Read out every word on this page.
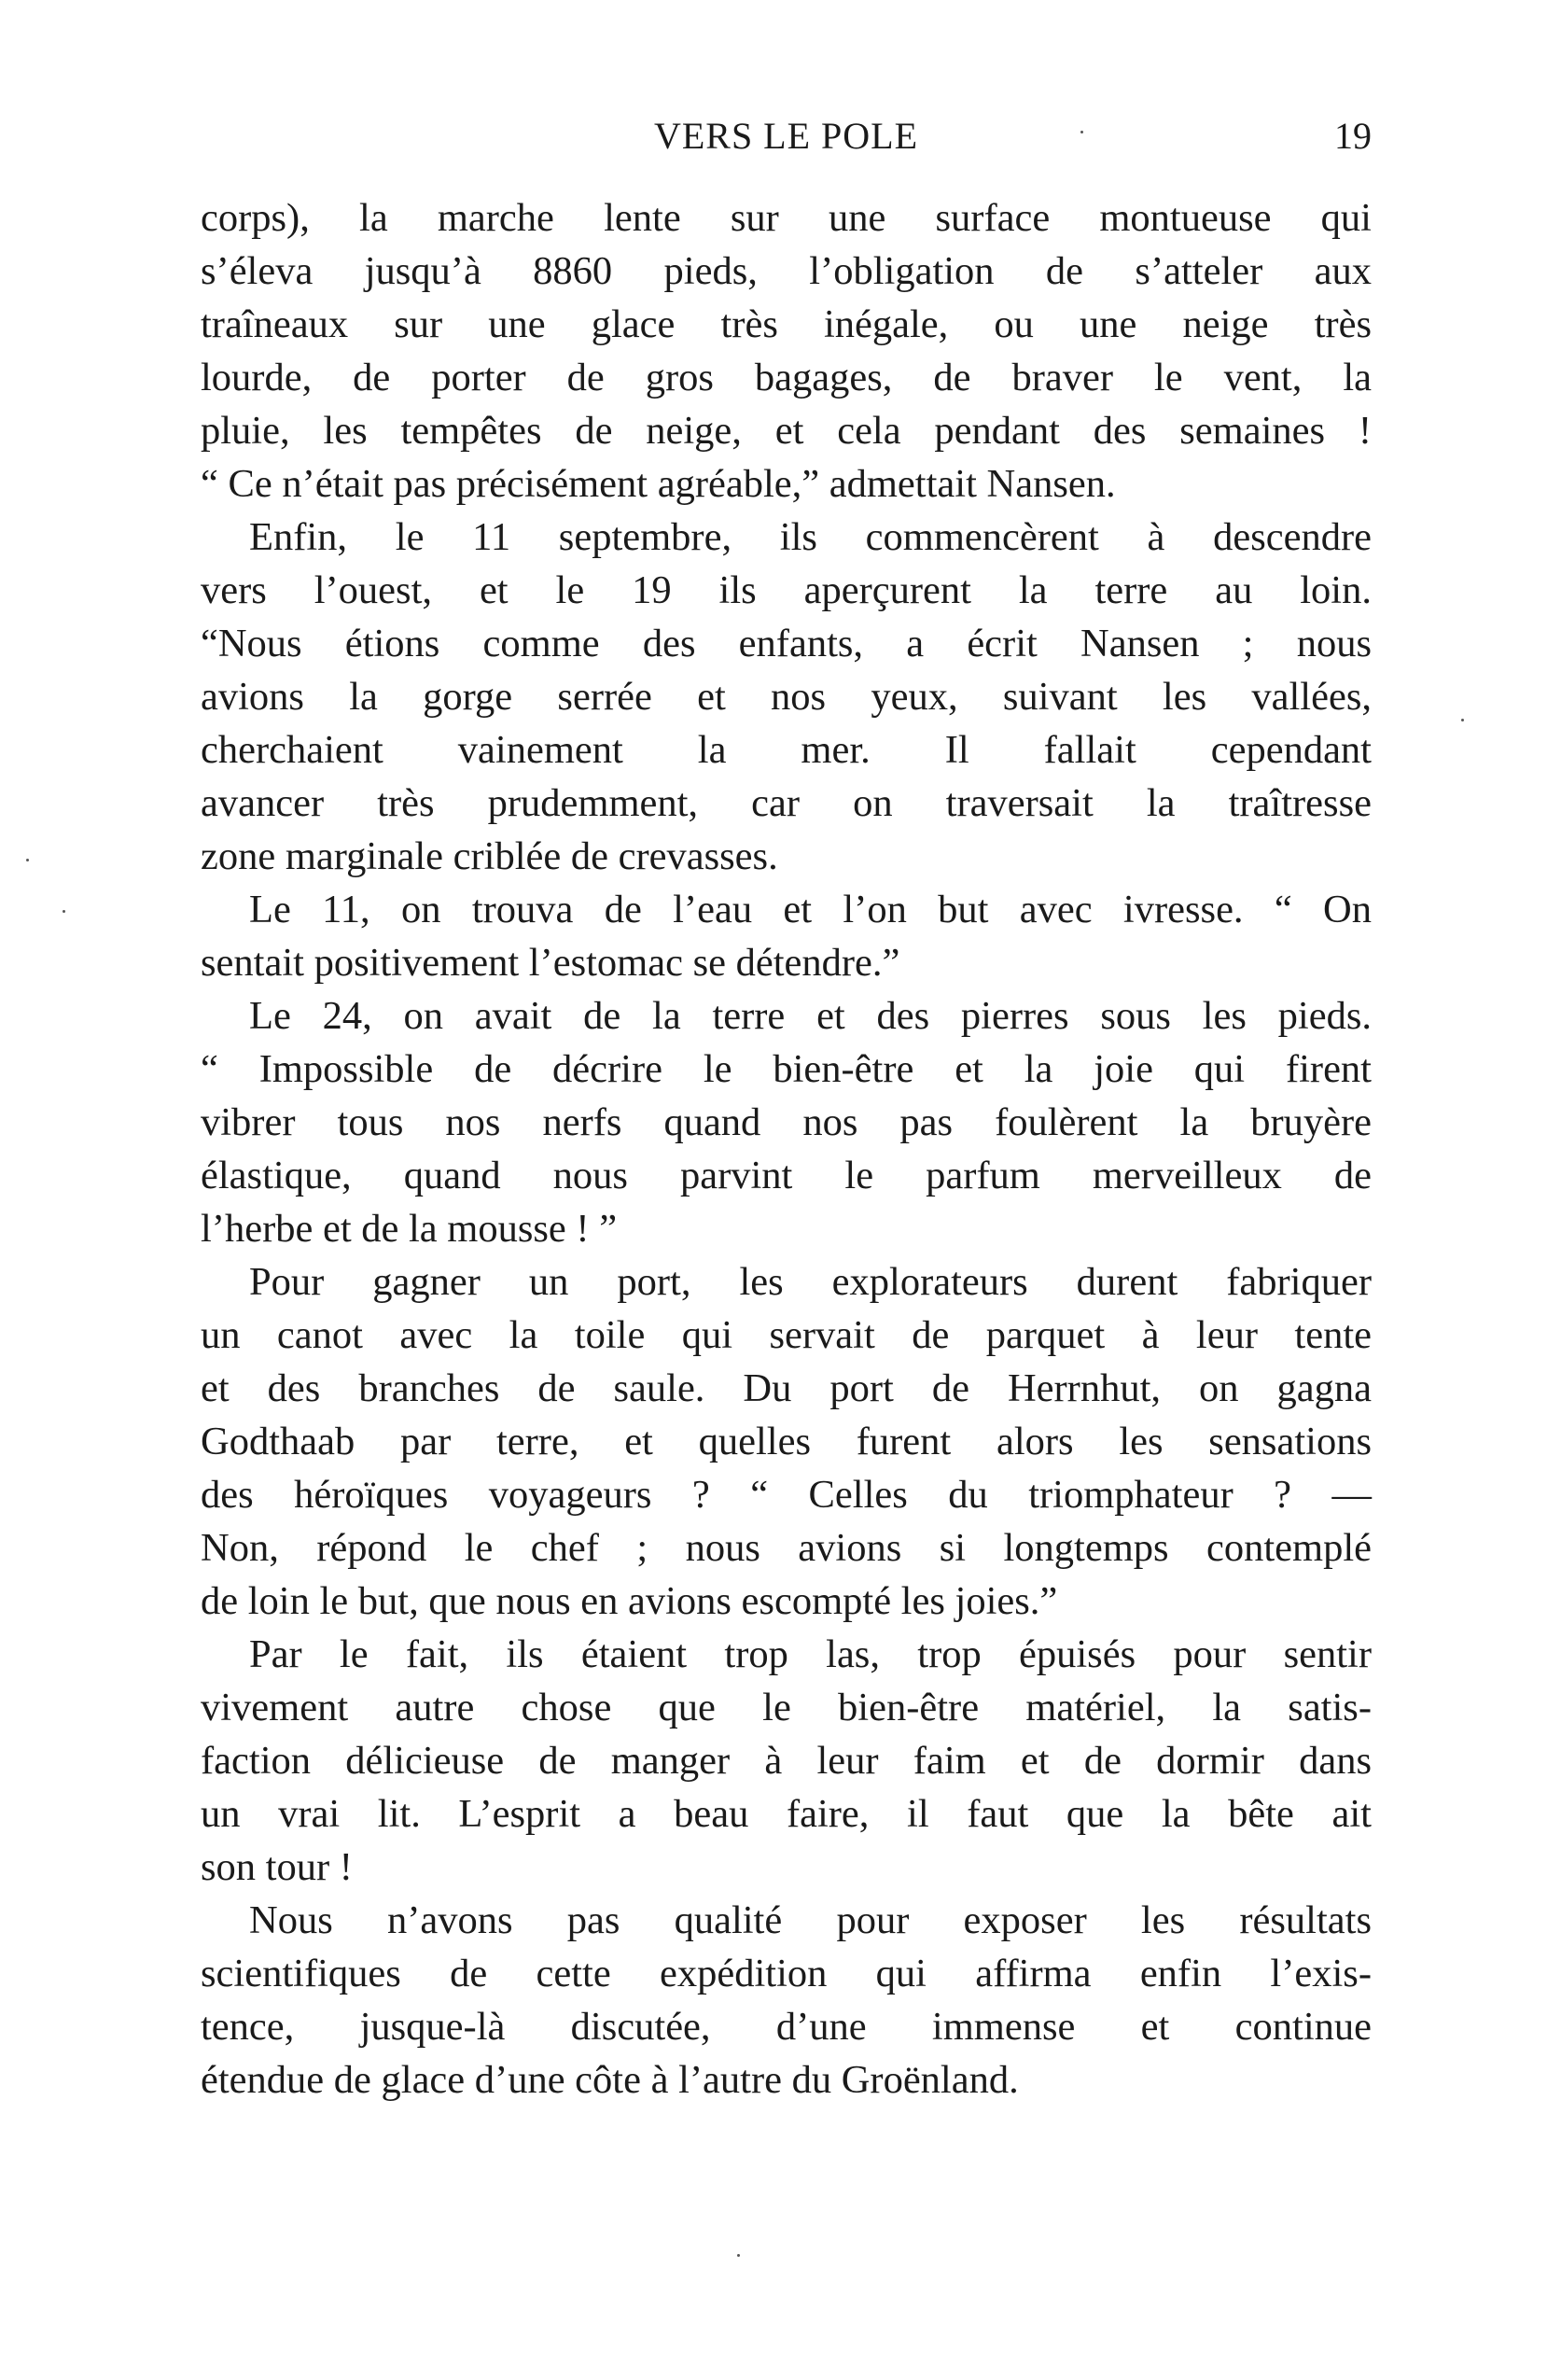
VERS LE POLE	19
corps), la marche lente sur une surface montueuse qui
s’éleva jusqu’à 8860 pieds, l’obligation de s’atteler aux
traîneaux sur une glace très inégale, ou une neige très
lourde, de porter de gros bagages, de braver le vent, la
pluie, les tempêtes de neige, et cela pendant des semaines !
“ Ce n’était pas précisément agréable,” admettait Nansen.
Enfin, le 11 septembre, ils commencèrent à descendre
vers l’ouest, et le 19 ils aperçurent la terre au loin.
“Nous étions comme des enfants, a écrit Nansen ; nous
avions la gorge serrée et nos yeux, suivant les vallées,
cherchaient vainement la mer. Il fallait cependant
avancer très prudemment, car on traversait la traîtresse
zone marginale criblée de crevasses.
Le 11, on trouva de l’eau et l’on but avec ivresse. “ On
sentait positivement l’estomac se détendre.”
Le 24, on avait de la terre et des pierres sous les pieds.
“ Impossible de décrire le bien-être et la joie qui firent
vibrer tous nos nerfs quand nos pas foulèrent la bruyère
élastique, quand nous parvint le parfum merveilleux de
l’herbe et de la mousse ! ”
Pour gagner un port, les explorateurs durent fabriquer
un canot avec la toile qui servait de parquet à leur tente
et des branches de saule. Du port de Herrnhut, on gagna
Godthaab par terre, et quelles furent alors les sensations
des héroïques voyageurs ? “ Celles du triomphateur ? —
Non, répond le chef ; nous avions si longtemps contemplé
de loin le but, que nous en avions escompté les joies.”
Par le fait, ils étaient trop las, trop épuisés pour sentir
vivement autre chose que le bien-être matériel, la satis-
faction délicieuse de manger à leur faim et de dormir dans
un vrai lit. L’esprit a beau faire, il faut que la bête ait
son tour !
Nous n’avons pas qualité pour exposer les résultats
scientifiques de cette expédition qui affirma enfin l’exis-
tence, jusque-là discutée, d’une immense et continue
étendue de glace d’une côte à l’autre du Groënland.
